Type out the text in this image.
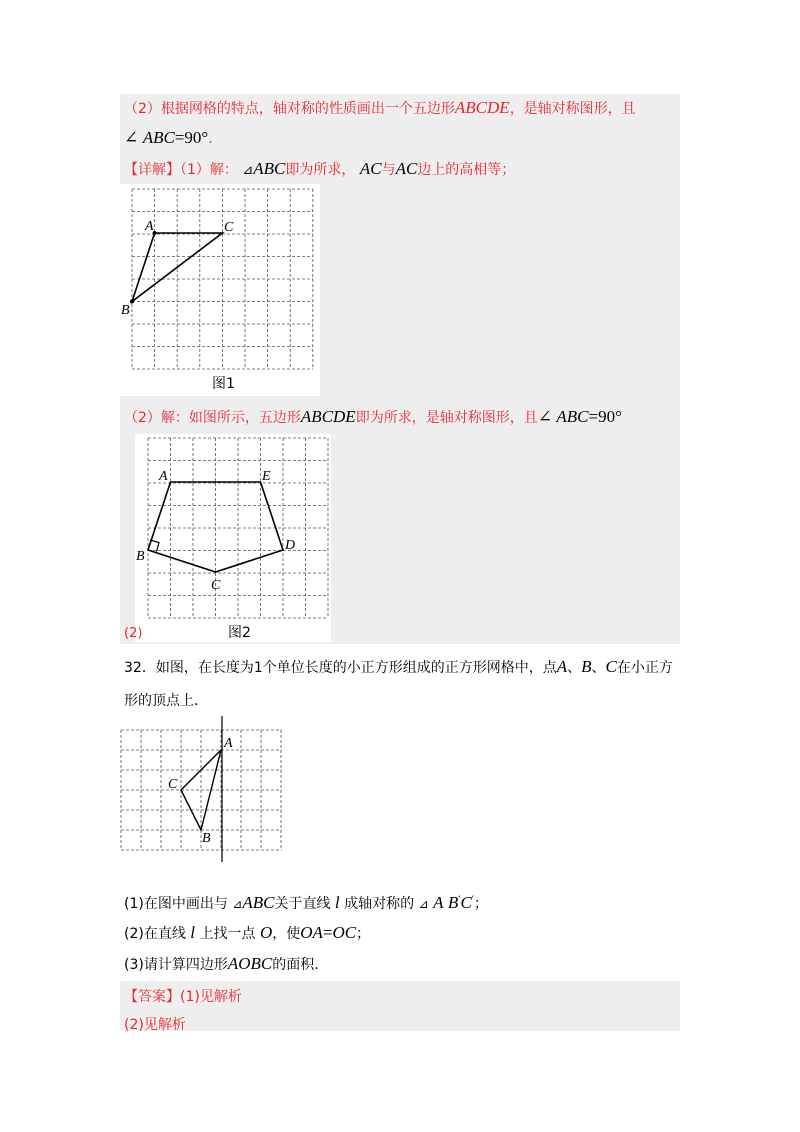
（2）根据网格的特点，轴对称的性质画出一个五边形ABCDE，是轴对称图形，且
∠ ABC=90°.
【详解】（1）解： ⊿ABC即为所求， AC与AC边上的高相等；
A	C
B
图1
（2）解：如图所示，五边形ABCDE即为所求，是轴对称图形，且∠ ABC=90°
A	E
D
C
B
图2
(2)
32．如图，在长度为1个单位长度的小正方形组成的正方形网格中，点A、B、C在小正方
形的顶点上．
A
C
B
(1)在图中画出与 ⊿ABC关于直线 l 成轴对称的 ⊿ A B′C′；
(2)在直线 l 上找一点 O，使OA=OC；
(3)请计算四边形AOBC的面积.
【答案】(1)见解析
(2)见解析
